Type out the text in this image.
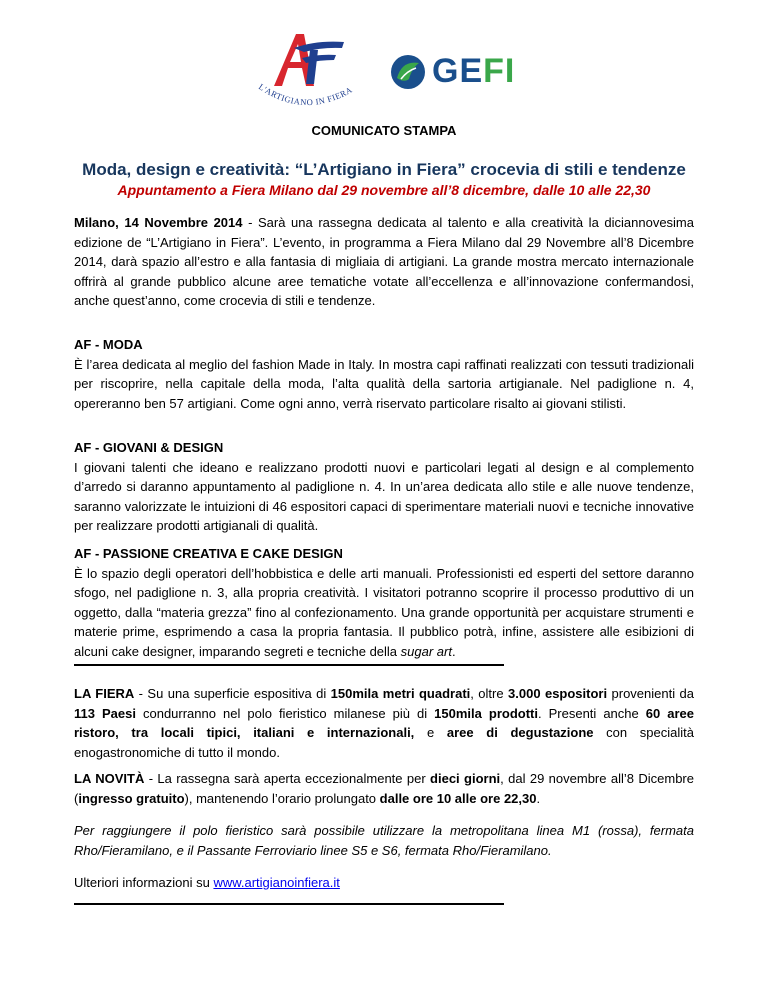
L'ARTIGIANO IN FIERA
GEFI
COMUNICATO STAMPA
Moda, design e creatività: “L’Artigiano in Fiera” crocevia di stili e tendenze
Appuntamento a Fiera Milano dal 29 novembre all’8 dicembre, dalle 10 alle 22,30

Milano, 14 Novembre 2014 - Sarà una rassegna dedicata al talento e alla creatività la diciannovesima edizione de “L’Artigiano in Fiera”. L’evento, in programma a Fiera Milano dal 29 Novembre all’8 Dicembre 2014, darà spazio all’estro e alla fantasia di migliaia di artigiani. La grande mostra mercato internazionale offrirà al grande pubblico alcune aree tematiche votate all’eccellenza e all’innovazione confermandosi, anche quest’anno, come crocevia di stili e tendenze.

AF - MODA

È l’area dedicata al meglio del fashion Made in Italy. In mostra capi raffinati realizzati con tessuti tradizionali per riscoprire, nella capitale della moda, l’alta qualità della sartoria artigianale. Nel padiglione n. 4, opereranno ben 57 artigiani. Come ogni anno, verrà riservato particolare risalto ai giovani stilisti.

AF - GIOVANI & DESIGN

I giovani talenti che ideano e realizzano prodotti nuovi e particolari legati al design e al complemento d’arredo si daranno appuntamento al padiglione n. 4. In un’area dedicata allo stile e alle nuove tendenze, saranno valorizzate le intuizioni di 46 espositori capaci di sperimentare materiali nuovi e tecniche innovative per realizzare prodotti artigianali di qualità.

AF - PASSIONE CREATIVA E CAKE DESIGN

È lo spazio degli operatori dell’hobbistica e delle arti manuali. Professionisti ed esperti del settore daranno sfogo, nel padiglione n. 3, alla propria creatività. I visitatori potranno scoprire il processo produttivo di un oggetto, dalla “materia grezza” fino al confezionamento. Una grande opportunità per acquistare strumenti e materie prime, esprimendo a casa la propria fantasia. Il pubblico potrà, infine, assistere alle esibizioni di alcuni cake designer, imparando segreti e tecniche della sugar art.

LA FIERA - Su una superficie espositiva di 150mila metri quadrati, oltre 3.000 espositori provenienti da 113 Paesi condurranno nel polo fieristico milanese più di 150mila prodotti. Presenti anche 60 aree ristoro, tra locali tipici, italiani e internazionali, e aree di degustazione con specialità enogastronomiche di tutto il mondo.

LA NOVITÀ - La rassegna sarà aperta eccezionalmente per dieci giorni, dal 29 novembre all’8 Dicembre (ingresso gratuito), mantenendo l’orario prolungato dalle ore 10 alle ore 22,30.

Per raggiungere il polo fieristico sarà possibile utilizzare la metropolitana linea M1 (rossa), fermata Rho/Fieramilano, e il Passante Ferroviario linee S5 e S6, fermata Rho/Fieramilano.

Ulteriori informazioni su www.artigianoinfiera.it
